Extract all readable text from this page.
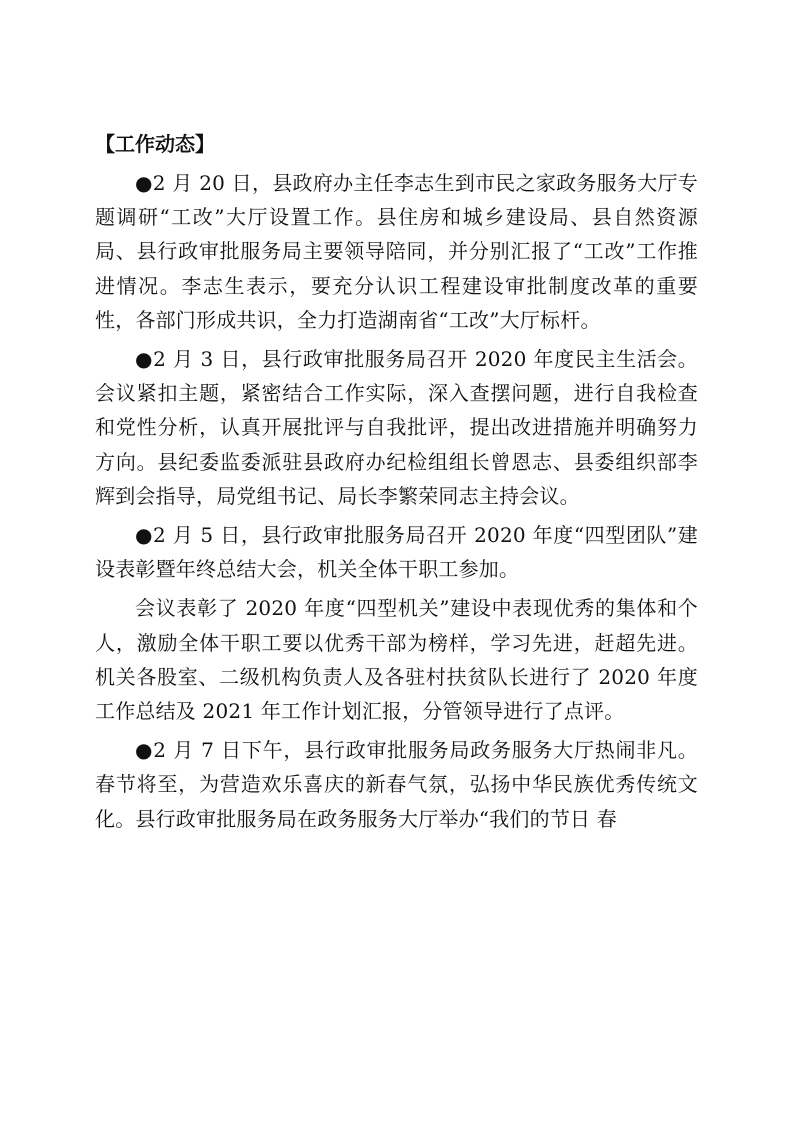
【工作动态】

●2 月 20 日，县政府办主任李志生到市民之家政务服务大厅专题调研“工改”大厅设置工作。县住房和城乡建设局、县自然资源局、县行政审批服务局主要领导陪同，并分别汇报了“工改”工作推进情况。李志生表示，要充分认识工程建设审批制度改革的重要性，各部门形成共识，全力打造湖南省“工改”大厅标杆。

●2 月 3 日，县行政审批服务局召开 2020 年度民主生活会。会议紧扣主题，紧密结合工作实际，深入查摆问题，进行自我检查和党性分析，认真开展批评与自我批评，提出改进措施并明确努力方向。县纪委监委派驻县政府办纪检组组长曾恩志、县委组织部李辉到会指导，局党组书记、局长李繁荣同志主持会议。

●2 月 5 日，县行政审批服务局召开 2020 年度“四型团队”建设表彰暨年终总结大会，机关全体干职工参加。

会议表彰了 2020 年度“四型机关”建设中表现优秀的集体和个人，激励全体干职工要以优秀干部为榜样，学习先进，赶超先进。机关各股室、二级机构负责人及各驻村扶贫队长进行了 2020 年度工作总结及 2021 年工作计划汇报，分管领导进行了点评。

●2 月 7 日下午，县行政审批服务局政务服务大厅热闹非凡。春节将至，为营造欢乐喜庆的新春气氛，弘扬中华民族优秀传统文化。县行政审批服务局在政务服务大厅举办“我们的节日 春
